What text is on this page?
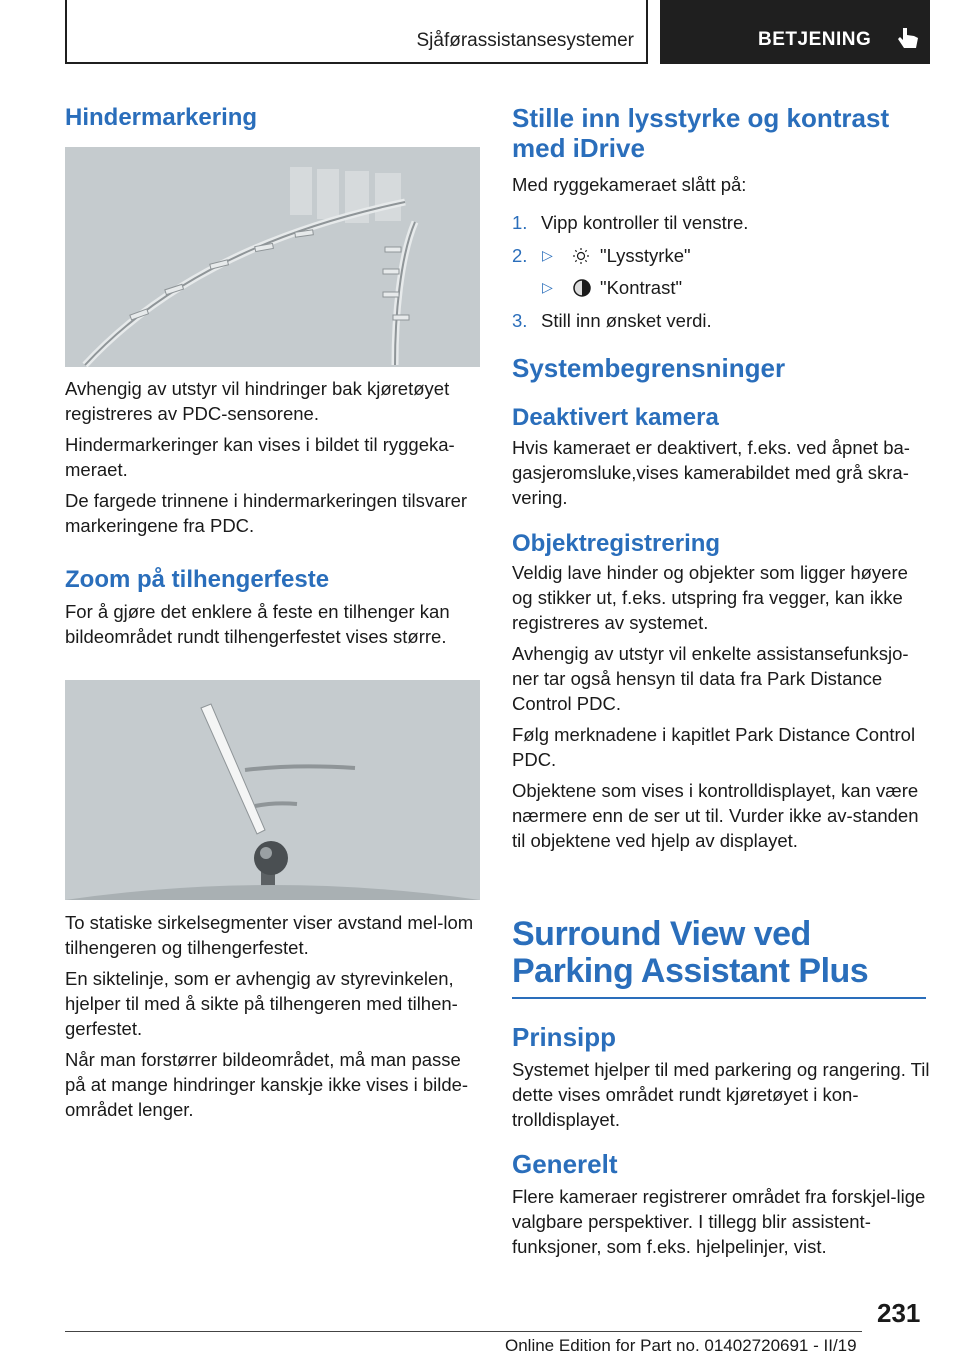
Sjåførassistansesystemer	BETJENING
Hindermarkering

Avhengig av utstyr vil hindringer bak kjøretøyet registreres av PDC-sensorene.

Hindermarkeringer kan vises i bildet til ryggeka-meraet.

De fargede trinnene i hindermarkeringen tilsvarer markeringene fra PDC.

Zoom på tilhengerfeste

For å gjøre det enklere å feste en tilhenger kan bildeområdet rundt tilhengerfestet vises større.

To statiske sirkelsegmenter viser avstand mel-lom tilhengeren og tilhengerfestet.

En siktelinje, som er avhengig av styrevinkelen, hjelper til med å sikte på tilhengeren med tilhen-gerfestet.

Når man forstørrer bildeområdet, må man passe på at mange hindringer kanskje ikke vises i bilde-området lenger.

Stille inn lysstyrke og kontrast med iDrive

Med ryggekameraet slått på:

1. Vipp kontroller til venstre.
2. ▷	"Lysstyrke"
▷	"Kontrast"
3. Still inn ønsket verdi.
Systembegrensninger
Deaktivert kamera

Hvis kameraet er deaktivert, f.eks. ved åpnet ba-gasjeromsluke,vises kamerabildet med grå skra-vering.

Objektregistrering

Veldig lave hinder og objekter som ligger høyere og stikker ut, f.eks. utspring fra vegger, kan ikke registreres av systemet.

Avhengig av utstyr vil enkelte assistansefunksjo-ner tar også hensyn til data fra Park Distance Control PDC.

Følg merknadene i kapitlet Park Distance Control PDC.

Objektene som vises i kontrolldisplayet, kan være nærmere enn de ser ut til. Vurder ikke av-standen til objektene ved hjelp av displayet.

Surround View ved Parking Assistant Plus
Prinsipp

Systemet hjelper til med parkering og rangering. Til dette vises området rundt kjøretøyet i kon-trolldisplayet.

Generelt

Flere kameraer registrerer området fra forskjel-lige valgbare perspektiver. I tillegg blir assistent-funksjoner, som f.eks. hjelpelinjer, vist.

231
Online Edition for Part no. 01402720691 - II/19
